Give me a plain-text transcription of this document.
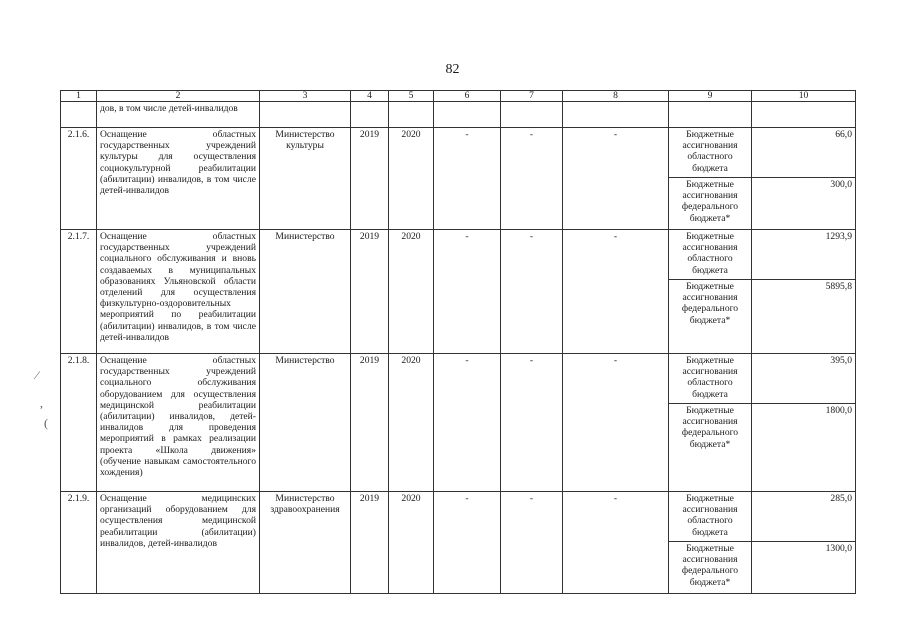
82
1	2	3	4	5	6	7	8	9	10
	дов, в том числе детей-инвалидов								
2.1.6.	Оснащение областных государственных учреждений культуры для осуществления социокультурной реабилитации (абилитации) инвалидов, в том числе детей-инвалидов	Министерство культуры	2019	2020	-	-	-	Бюджетные ассигнования областного бюджета	66,0
								Бюджетные ассигнования федерального бюджета*	300,0
2.1.7.	Оснащение областных государственных учреждений социального обслуживания и вновь создаваемых в муниципальных образованиях Ульяновской области отделений для осуществления физкультурно-оздоровительных мероприятий по реабилитации (абилитации) инвалидов, в том числе детей-инвалидов	Министерство	2019	2020	-	-	-	Бюджетные ассигнования областного бюджета	1293,9
								Бюджетные ассигнования федерального бюджета*	5895,8
2.1.8.	Оснащение областных государственных учреждений социального обслуживания оборудованием для осуществления медицинской реабилитации (абилитации) инвалидов, детей-инвалидов для проведения мероприятий в рамках реализации проекта «Школа движения» (обучение навыкам самостоятельного хождения)	Министерство	2019	2020	-	-	-	Бюджетные ассигнования областного бюджета	395,0
								Бюджетные ассигнования федерального бюджета*	1800,0
2.1.9.	Оснащение медицинских организаций оборудованием для осуществления медицинской реабилитации (абилитации) инвалидов, детей-инвалидов	Министерство здравоохранения	2019	2020	-	-	-	Бюджетные ассигнования областного бюджета	285,0
								Бюджетные ассигнования федерального бюджета*	1300,0
⁄
,
(
